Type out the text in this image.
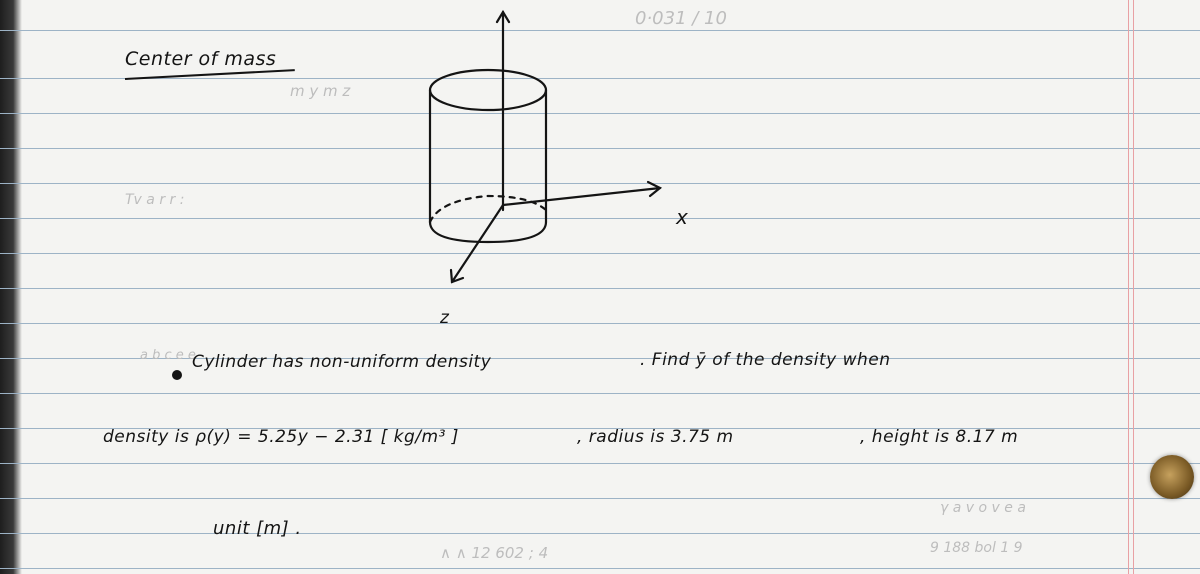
0·031 / 10
m y m z
Tv a r r :
a b c e e
∧ ∧ 12 602 ; 4
γ a v o v e a
9 188 bol 1 9
Center of mass
x
z
Cylinder has non-uniform density	. Find ȳ of the density when
density is ρ(y) = 5.25y − 2.31 [ kg/m³ ]	, radius is 3.75 m	, height is 8.17 m
unit [m] .
